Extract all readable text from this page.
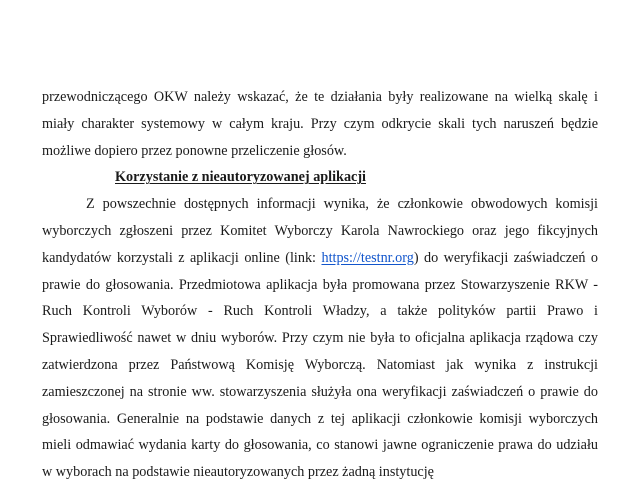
przewodniczącego OKW należy wskazać, że te działania były realizowane na wielką skalę i miały charakter systemowy w całym kraju. Przy czym odkrycie skali tych naruszeń będzie możliwe dopiero przez ponowne przeliczenie głosów.

Korzystanie z nieautoryzowanej aplikacji

Z powszechnie dostępnych informacji wynika, że członkowie obwodowych komisji wyborczych zgłoszeni przez Komitet Wyborczy Karola Nawrockiego oraz jego fikcyjnych kandydatów korzystali z aplikacji online (link: https://testnr.org) do weryfikacji zaświadczeń o prawie do głosowania. Przedmiotowa aplikacja była promowana przez Stowarzyszenie RKW - Ruch Kontroli Wyborów - Ruch Kontroli Władzy, a także polityków partii Prawo i Sprawiedliwość nawet w dniu wyborów. Przy czym nie była to oficjalna aplikacja rządowa czy zatwierdzona przez Państwową Komisję Wyborczą. Natomiast jak wynika z instrukcji zamieszczonej na stronie ww. stowarzyszenia służyła ona weryfikacji zaświadczeń o prawie do głosowania. Generalnie na podstawie danych z tej aplikacji członkowie komisji wyborczych mieli odmawiać wydania karty do głosowania, co stanowi jawne ograniczenie prawa do udziału w wyborach na podstawie nieautoryzowanych przez żadną instytucję
